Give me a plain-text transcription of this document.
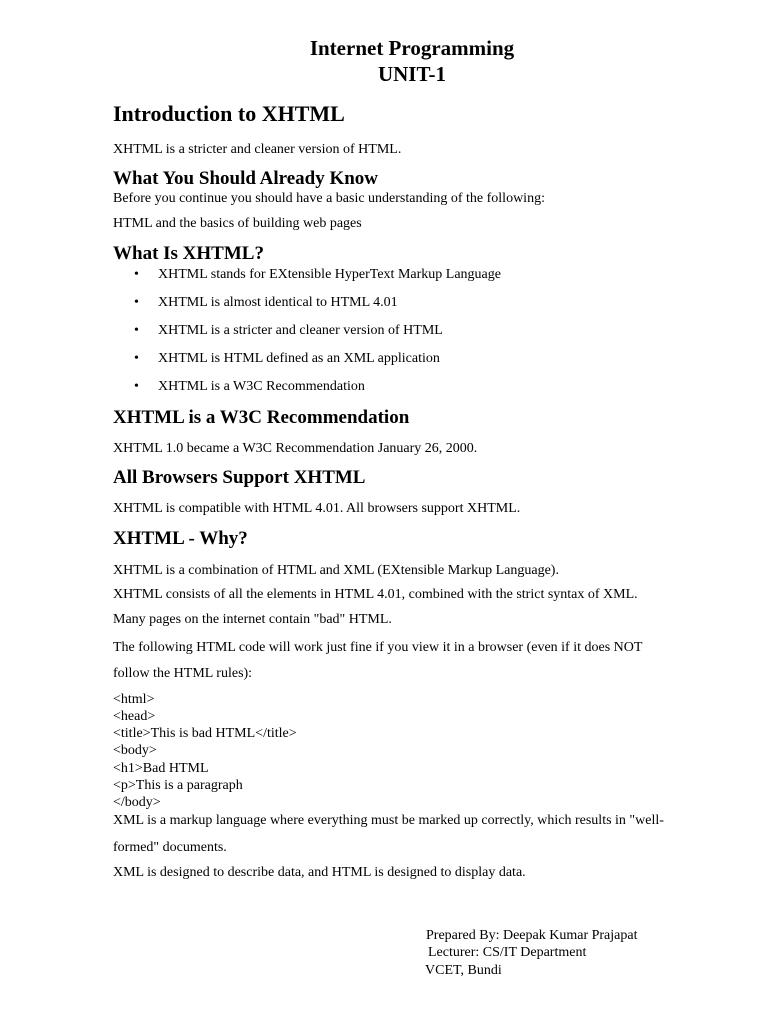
Internet Programming
UNIT-1
Introduction to XHTML
XHTML is a stricter and cleaner version of HTML.
What You Should Already Know
Before you continue you should have a basic understanding of the following:
HTML and the basics of building web pages
What Is XHTML?
• XHTML stands for EXtensible HyperText Markup Language
• XHTML is almost identical to HTML 4.01
• XHTML is a stricter and cleaner version of HTML
• XHTML is HTML defined as an XML application
• XHTML is a W3C Recommendation
XHTML is a W3C Recommendation
XHTML 1.0 became a W3C Recommendation January 26, 2000.
All Browsers Support XHTML
XHTML is compatible with HTML 4.01. All browsers support XHTML.
XHTML - Why?
XHTML is a combination of HTML and XML (EXtensible Markup Language).
XHTML consists of all the elements in HTML 4.01, combined with the strict syntax of XML.
Many pages on the internet contain "bad" HTML.
The following HTML code will work just fine if you view it in a browser (even if it does NOT
follow the HTML rules):
<html>
<head>
<title>This is bad HTML</title>
<body>
<h1>Bad HTML
<p>This is a paragraph
</body>
XML is a markup language where everything must be marked up correctly, which results in "well-
formed" documents.
XML is designed to describe data, and HTML is designed to display data.
Prepared By: Deepak Kumar Prajapat
Lecturer: CS/IT Department
VCET, Bundi
